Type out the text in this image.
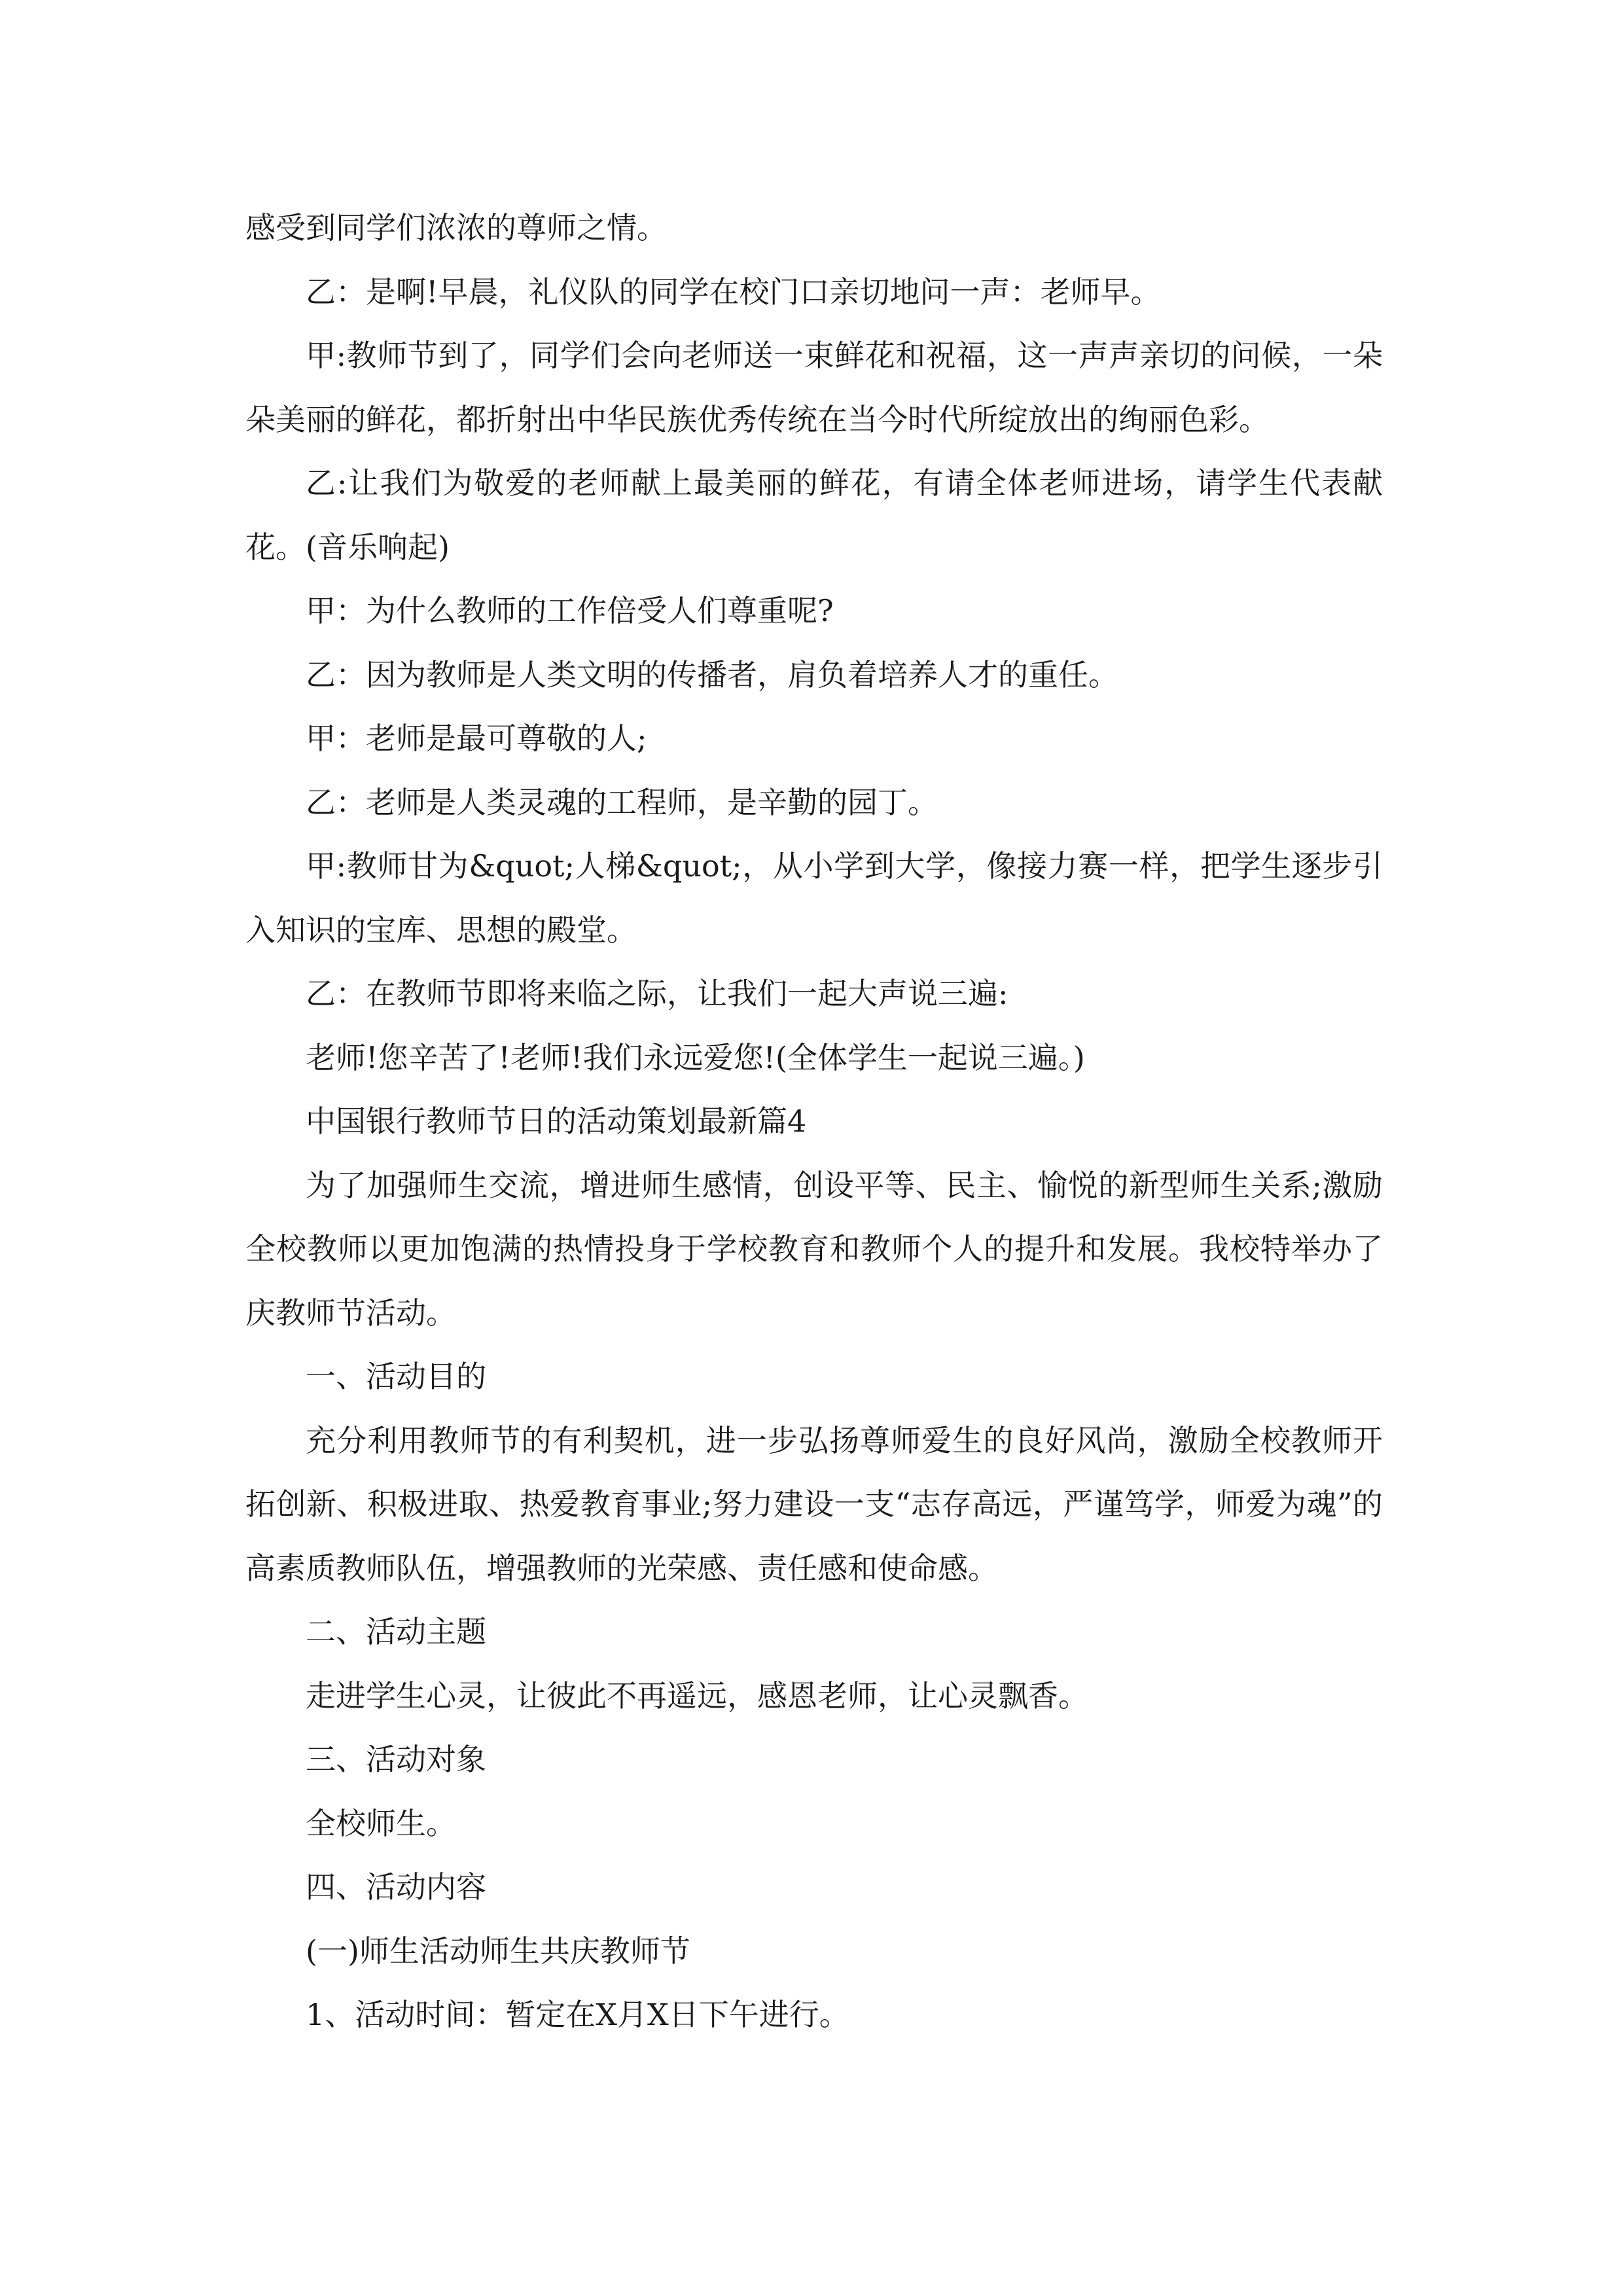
感受到同学们浓浓的尊师之情。

乙：是啊!早晨，礼仪队的同学在校门口亲切地问一声：老师早。

甲:教师节到了，同学们会向老师送一束鲜花和祝福，这一声声亲切的问候，一朵朵美丽的鲜花，都折射出中华民族优秀传统在当今时代所绽放出的绚丽色彩。

乙:让我们为敬爱的老师献上最美丽的鲜花，有请全体老师进场，请学生代表献花。(音乐响起)

甲：为什么教师的工作倍受人们尊重呢?

乙：因为教师是人类文明的传播者，肩负着培养人才的重任。

甲：老师是最可尊敬的人;

乙：老师是人类灵魂的工程师，是辛勤的园丁。

甲:教师甘为&quot;人梯&quot;，从小学到大学，像接力赛一样，把学生逐步引入知识的宝库、思想的殿堂。

乙：在教师节即将来临之际，让我们一起大声说三遍:

老师!您辛苦了!老师!我们永远爱您!(全体学生一起说三遍。)

中国银行教师节日的活动策划最新篇4

为了加强师生交流，增进师生感情，创设平等、民主、愉悦的新型师生关系;激励全校教师以更加饱满的热情投身于学校教育和教师个人的提升和发展。我校特举办了庆教师节活动。

一、活动目的

充分利用教师节的有利契机，进一步弘扬尊师爱生的良好风尚，激励全校教师开拓创新、积极进取、热爱教育事业;努力建设一支“志存高远，严谨笃学，师爱为魂”的高素质教师队伍，增强教师的光荣感、责任感和使命感。

二、活动主题

走进学生心灵，让彼此不再遥远，感恩老师，让心灵飘香。

三、活动对象

全校师生。

四、活动内容

(一)师生活动师生共庆教师节

1、活动时间：暂定在X月X日下午进行。
